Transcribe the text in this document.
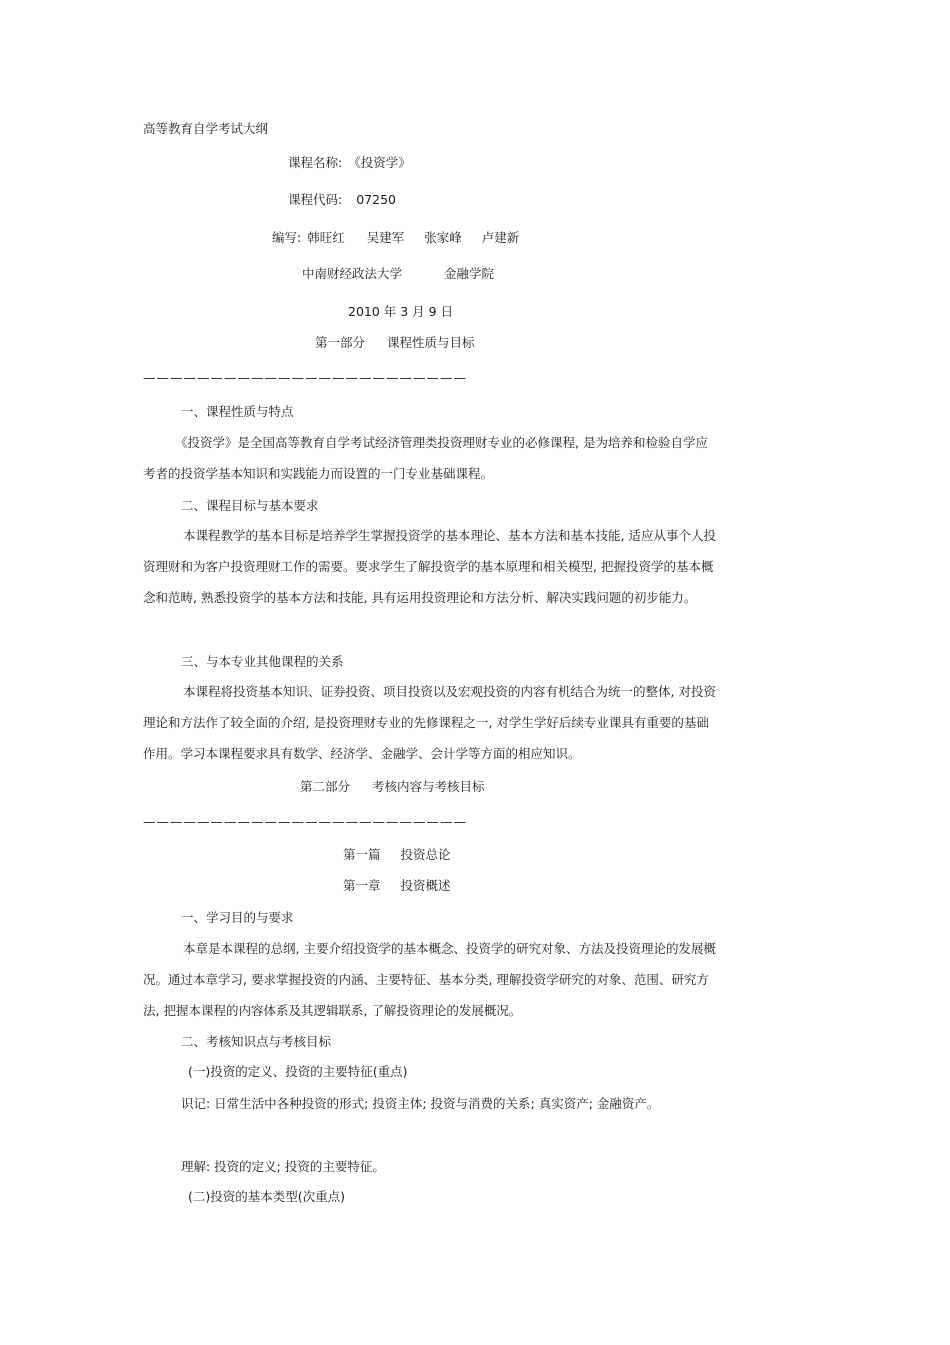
高等教育自学考试大纲
课程名称: 《投资学》
课程代码: 07250
编写: 韩旺红 吴建军 张家峰 卢建新
中南财经政法大学	金融学院
2010 年 3 月 9 日
第一部分 课程性质与目标
————————————————————————
一、课程性质与特点
《投资学》是全国高等教育自学考试经济管理类投资理财专业的必修课程, 是为培养和检验自学应
考者的投资学基本知识和实践能力而设置的一门专业基础课程。
二、课程目标与基本要求
本课程教学的基本目标是培养学生掌握投资学的基本理论、基本方法和基本技能, 适应从事个人投
资理财和为客户投资理财工作的需要。要求学生了解投资学的基本原理和相关模型, 把握投资学的基本概
念和范畴, 熟悉投资学的基本方法和技能, 具有运用投资理论和方法分析、解决实践问题的初步能力。
三、与本专业其他课程的关系
本课程将投资基本知识、证券投资、项目投资以及宏观投资的内容有机结合为统一的整体, 对投资
理论和方法作了较全面的介绍, 是投资理财专业的先修课程之一, 对学生学好后续专业课具有重要的基础
作用。学习本课程要求具有数学、经济学、金融学、会计学等方面的相应知识。
第二部分 考核内容与考核目标
————————————————————————
第一篇 投资总论
第一章 投资概述
一、学习目的与要求
本章是本课程的总纲, 主要介绍投资学的基本概念、投资学的研究对象、方法及投资理论的发展概
况。通过本章学习, 要求掌握投资的内涵、主要特征、基本分类, 理解投资学研究的对象、范围、研究方
法, 把握本课程的内容体系及其逻辑联系, 了解投资理论的发展概况。
二、考核知识点与考核目标
(一)投资的定义、投资的主要特征(重点)
识记: 日常生活中各种投资的形式; 投资主体; 投资与消费的关系; 真实资产; 金融资产。
理解: 投资的定义; 投资的主要特征。
(二)投资的基本类型(次重点)
